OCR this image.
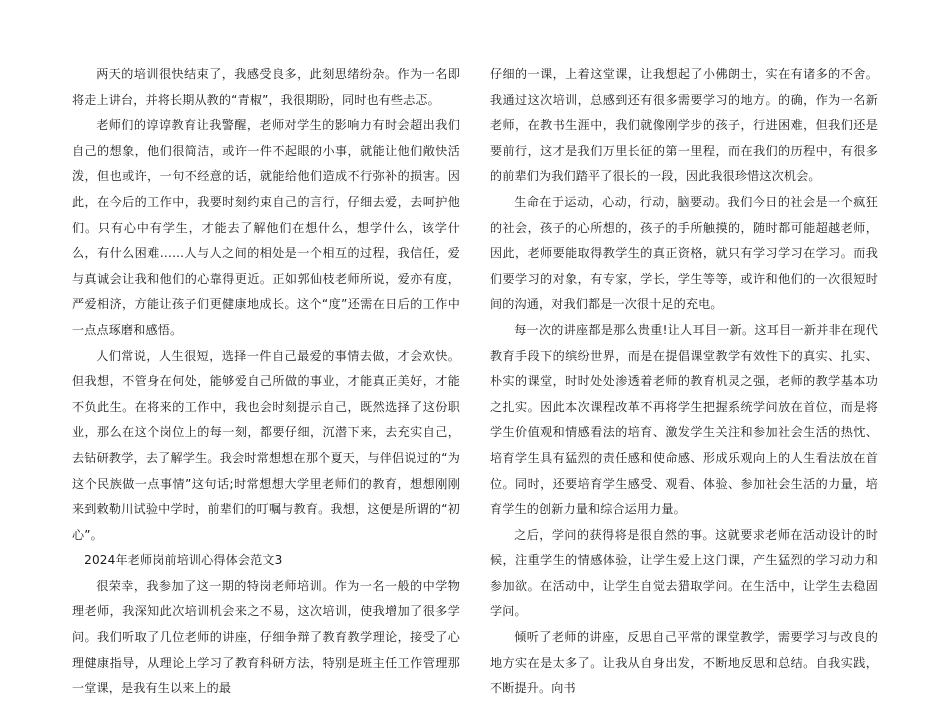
两天的培训很快结束了，我感受良多，此刻思绪纷杂。作为一名即将走上讲台，并将长期从教的“青椒”，我很期盼，同时也有些忐忑。

老师们的谆谆教育让我警醒，老师对学生的影响力有时会超出我们自己的想象，他们很简洁，或许一件不起眼的小事，就能让他们敞快活泼，但也或许，一句不经意的话，就能给他们造成不行弥补的损害。因此，在今后的工作中，我要时刻约束自己的言行，仔细去爱，去呵护他们。只有心中有学生，才能去了解他们在想什么，想学什么，该学什么，有什么困难……人与人之间的相处是一个相互的过程，我信任，爱与真诚会让我和他们的心靠得更近。正如郭仙枝老师所说，爱亦有度，严爱相济，方能让孩子们更健康地成长。这个“度”还需在日后的工作中一点点琢磨和感悟。

人们常说，人生很短，选择一件自己最爱的事情去做，才会欢快。但我想，不管身在何处，能够爱自己所做的事业，才能真正美好，才能不负此生。在将来的工作中，我也会时刻提示自己，既然选择了这份职业，那么在这个岗位上的每一刻，都要仔细，沉潜下来，去充实自己，去钻研教学，去了解学生。我会时常想想在那个夏天，与伴侣说过的“为这个民族做一点事情”这句话;时常想想大学里老师们的教育，想想刚刚来到敕勒川试验中学时，前辈们的叮嘱与教育。我想，这便是所谓的“初心”。

2024年老师岗前培训心得体会范文3

很荣幸，我参加了这一期的特岗老师培训。作为一名一般的中学物理老师，我深知此次培训机会来之不易，这次培训，使我增加了很多学问。我们听取了几位老师的讲座，仔细争辩了教育教学理论，接受了心理健康指导，从理论上学习了教育科研方法，特别是班主任工作管理那一堂课，是我有生以来上的最

仔细的一课，上着这堂课，让我想起了小佛朗士，实在有诸多的不舍。我通过这次培训，总感到还有很多需要学习的地方。的确，作为一名新老师，在教书生涯中，我们就像刚学步的孩子，行进困难，但我们还是要前行，这才是我们万里长征的第一里程，而在我们的历程中，有很多的前辈们为我们踏平了很长的一段，因此我很珍惜这次机会。

生命在于运动，心动，行动，脑要动。我们今日的社会是一个疯狂的社会，孩子的心所想的，孩子的手所触摸的，随时都可能超越老师，因此，老师要能取得教学生的真正资格，就只有学习学习在学习。而我们要学习的对象，有专家，学长，学生等等，或许和他们的一次很短时间的沟通，对我们都是一次很十足的充电。

每一次的讲座都是那么贵重!让人耳目一新。这耳目一新并非在现代教育手段下的缤纷世界，而是在提倡课堂教学有效性下的真实、扎实、朴实的课堂，时时处处渗透着老师的教育机灵之强，老师的教学基本功之扎实。因此本次课程改革不再将学生把握系统学问放在首位，而是将学生价值观和情感看法的培育、激发学生关注和参加社会生活的热忱、培育学生具有猛烈的责任感和使命感、形成乐观向上的人生看法放在首位。同时，还要培育学生感受、观看、体验、参加社会生活的力量，培育学生的创新力量和综合运用力量。

之后，学问的获得将是很自然的事。这就要求老师在活动设计的时候，注重学生的情感体验，让学生爱上这门课，产生猛烈的学习动力和参加欲。在活动中，让学生自觉去猎取学问。在生活中，让学生去稳固学问。

倾听了老师的讲座，反思自己平常的课堂教学，需要学习与改良的地方实在是太多了。让我从自身出发，不断地反思和总结。自我实践，不断提升。向书
